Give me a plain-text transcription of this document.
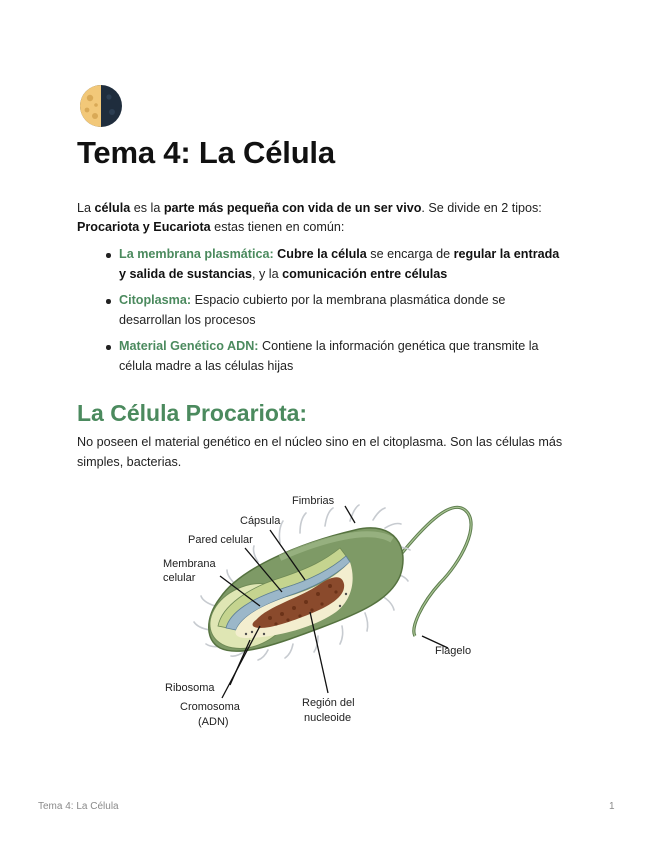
Tema 4: La Célula

La célula es la parte más pequeña con vida de un ser vivo. Se divide en 2 tipos: Procariota y Eucariota estas tienen en común:

La membrana plasmática: Cubre la célula se encarga de regular la entrada y salida de sustancias, y la comunicación entre células
Citoplasma: Espacio cubierto por la membrana plasmática donde se desarrollan los procesos
Material Genético ADN: Contiene la información genética que transmite la célula madre a las células hijas
La Célula Procariota:

No poseen el material genético en el núcleo sino en el citoplasma. Son las células más simples, bacterias.

Fimbrias
Cápsula
Pared celular
Membrana
celular
Flagelo
Ribosoma
Cromosoma
(ADN)
Región del
nucleoide
Tema 4: La Célula	1
